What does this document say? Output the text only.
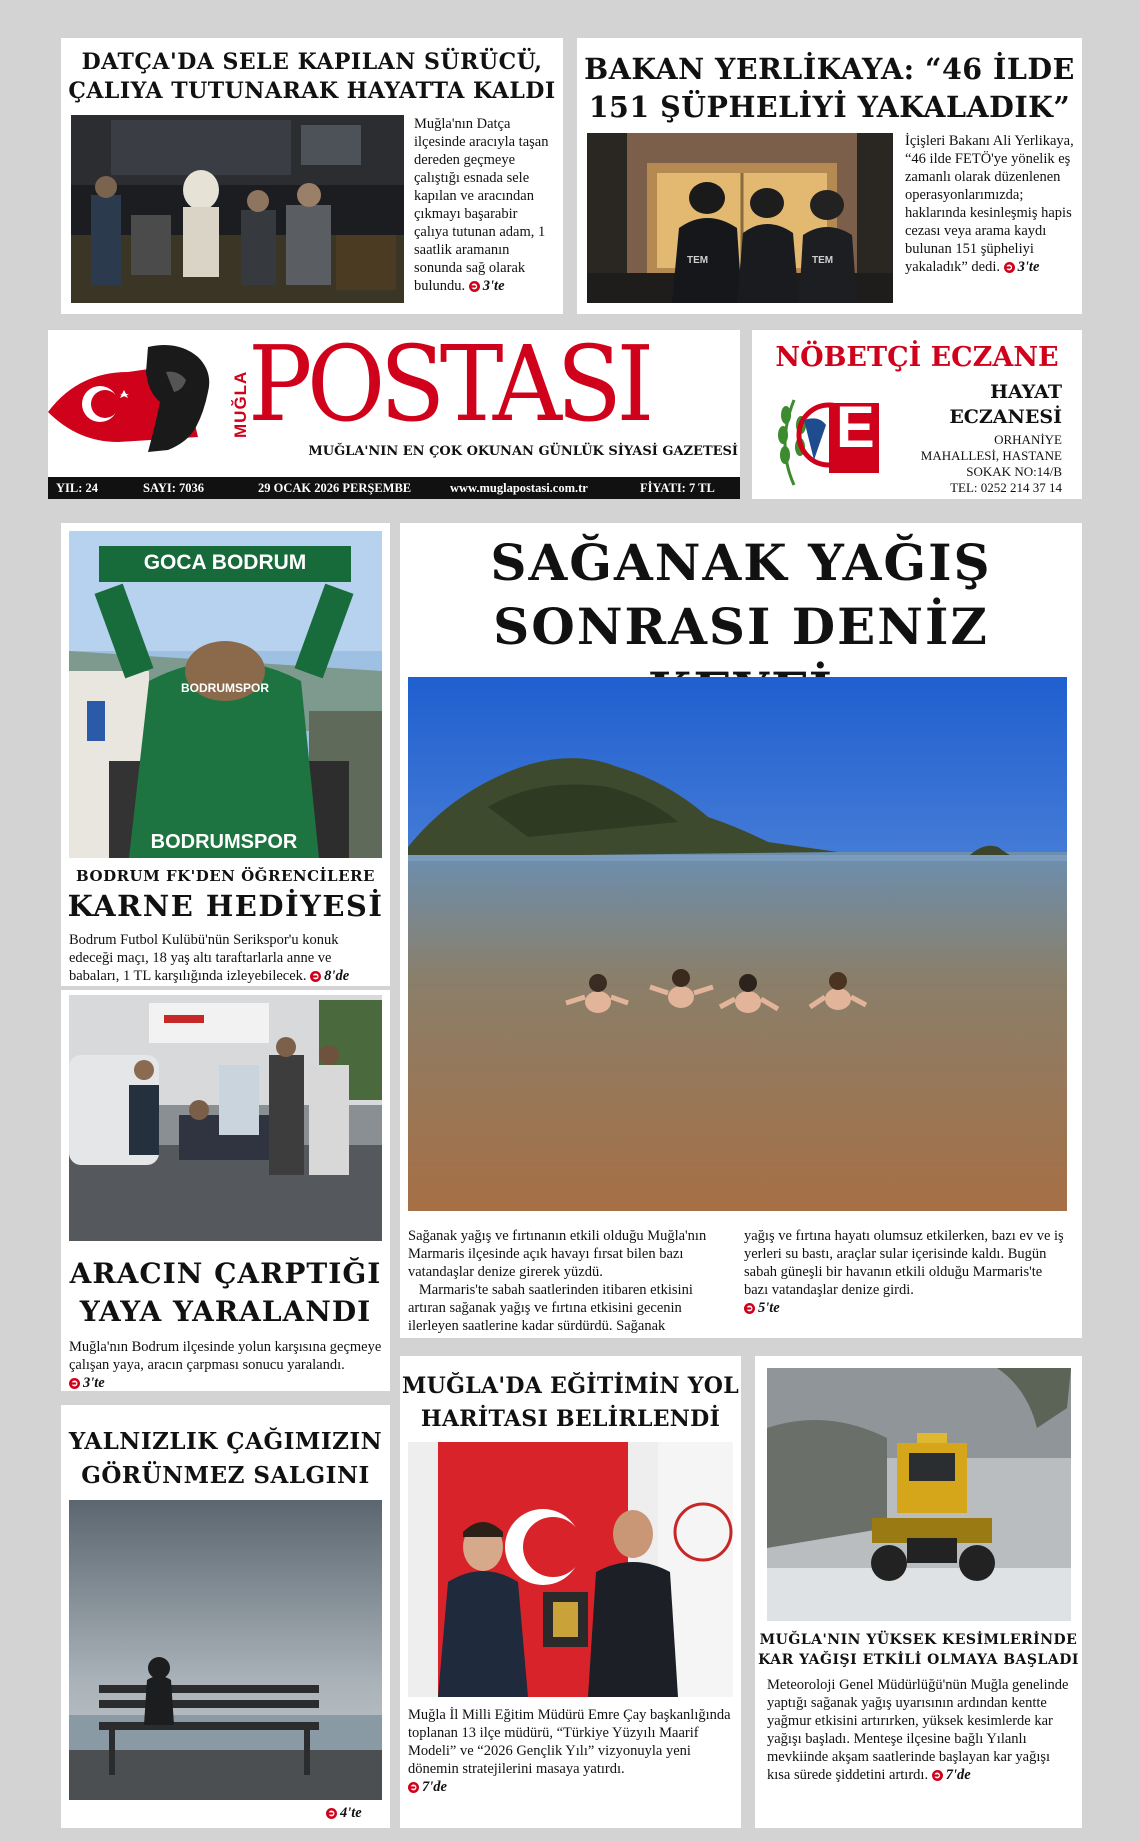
DATÇA'DA SELE KAPILAN SÜRÜCÜ,
ÇALIYA TUTUNARAK HAYATTA KALDI

Muğla'nın Datça ilçesinde aracıyla taşan dereden geçmeye çalıştığı esnada sele kapılan ve aracından çıkmayı başarabir çalıya tutunan adam, 1 saatlik aramanın sonunda sağ olarak bulundu. ➲ 3'te

BAKAN YERLİKAYA: “46 İLDE
151 ŞÜPHELİYİ YAKALADIK”

TEM	TEM

İçişleri Bakanı Ali Yerlikaya, “46 ilde FETÖ'ye yönelik eş zamanlı olarak düzenlenen operasyonlarımızda; haklarında kesinleşmiş hapis cezası veya arama kaydı bulunan 151 şüpheliyi yakaladık” dedi. ➲ 3'te

MUĞLA
POSTASI
MUĞLA'NIN EN ÇOK OKUNAN GÜNLÜK SİYASİ GAZETESİ
YIL: 24	SAYI: 7036	29 OCAK 2026 PERŞEMBE	www.muglapostasi.com.tr	FİYATI: 7 TL
NÖBETÇİ ECZANE
E
HAYAT
ECZANESİ
ORHANİYE
MAHALLESİ, HASTANE
SOKAK NO:14/B
TEL: 0252 214 37 14
GOCA BODRUM
BODRUMSPOR
BODRUMSPOR
BODRUM FK'DEN ÖĞRENCİLERE
KARNE HEDİYESİ

Bodrum Futbol Kulübü'nün Serikspor'u konuk edeceği maçı, 18 yaş altı taraftarlarla anne ve babaları, 1 TL karşılığında izleyebilecek. ➲ 8'de

SAĞANAK YAĞIŞ
SONRASI DENİZ

Sağanak yağış ve fırtınanın etkili olduğu Muğla'nın Marmaris ilçesinde açık havayı fırsat bilen bazı vatandaşlar denize girerek yüzdü.
Marmaris'te sabah saatlerinden itibaren etkisini artıran sağanak yağış ve fırtına etkisini gecenin ilerleyen saatlerine kadar sürdürdü. Sağanak

yağış ve fırtına hayatı olumsuz etkilerken, bazı ev ve iş yerleri su bastı, araçlar sular içerisinde kaldı. Bugün sabah güneşli bir havanın etkili olduğu Marmaris'te bazı vatandaşlar denize girdi.
➲ 5'te

ARACIN ÇARPTIĞI
YAYA YARALANDI

Muğla'nın Bodrum ilçesinde yolun karşısına geçmeye çalışan yaya, aracın çarpması sonucu yaralandı. ➲ 3'te

YALNIZLIK ÇAĞIMIZIN
GÖRÜNMEZ SALGINI

➲ 4'te

MUĞLA'DA EĞİTİMİN YOL
HARİTASI BELİRLENDİ

Muğla İl Milli Eğitim Müdürü Emre Çay başkanlığında toplanan 13 ilçe müdürü, “Türkiye Yüzyılı Maarif Modeli” ve “2026 Gençlik Yılı” vizyonuyla yeni dönemin stratejilerini masaya yatırdı.
➲ 7'de

MUĞLA'NIN YÜKSEK KESİMLERİNDE
KAR YAĞIŞI ETKİLİ OLMAYA BAŞLADI

Meteoroloji Genel Müdürlüğü'nün Muğla genelinde yaptığı sağanak yağış uyarısının ardından kentte yağmur etkisini artırırken, yüksek kesimlerde kar yağışı başladı. Menteşe ilçesine bağlı Yılanlı mevkiinde akşam saatlerinde başlayan kar yağışı kısa sürede şiddetini artırdı. ➲ 7'de
